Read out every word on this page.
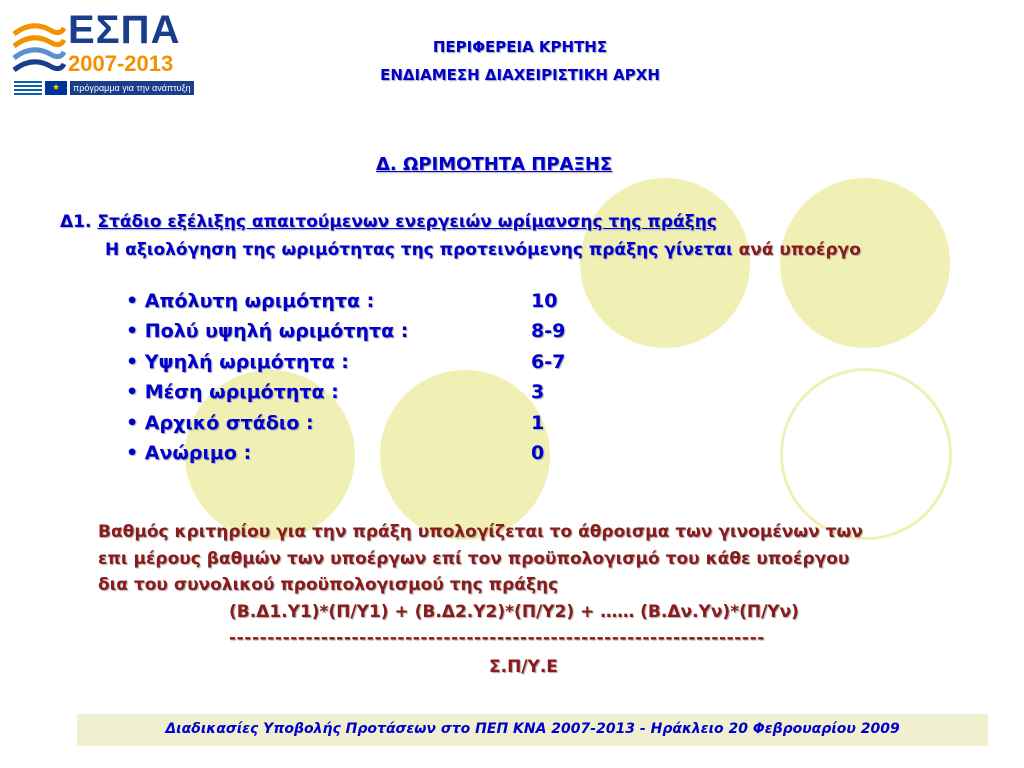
ΕΣΠΑ
2007-2013
★	πρόγραμμα για την ανάπτυξη
ΠΕΡΙΦΕΡΕΙΑ ΚΡΗΤΗΣ
ΕΝΔΙΑΜΕΣΗ ΔΙΑΧΕΙΡΙΣΤΙΚΗ ΑΡΧΗ
Δ. ΩΡΙΜΟΤΗΤΑ ΠΡΑΞΗΣ
Δ1. Στάδιο εξέλιξης απαιτούμενων ενεργειών ωρίμανσης της πράξης
Η αξιολόγηση της ωριμότητας της προτεινόμενης πράξης γίνεται ανά υποέργο
• Απόλυτη ωριμότητα :	10
• Πολύ υψηλή ωριμότητα :	8-9
• Υψηλή ωριμότητα :	6-7
• Μέση ωριμότητα :	3
• Αρχικό στάδιο :	1
• Ανώριμο :	0
Βαθμός κριτηρίου για την πράξη υπολογίζεται το άθροισμα των γινομένων των
επι μέρους βαθμών των υποέργων επί τον προϋπολογισμό του κάθε υποέργου
δια του συνολικού προϋπολογισμού της πράξης
(Β.Δ1.Υ1)*(Π/Υ1) + (Β.Δ2.Υ2)*(Π/Υ2) + …… (Β.Δν.Υν)*(Π/Υν)
----------------------------------------------------------------------
Σ.Π/Υ.Ε
Διαδικασίες Υποβολής Προτάσεων στο ΠΕΠ ΚΝΑ 2007-2013 - Ηράκλειο 20 Φεβρουαρίου 2009
